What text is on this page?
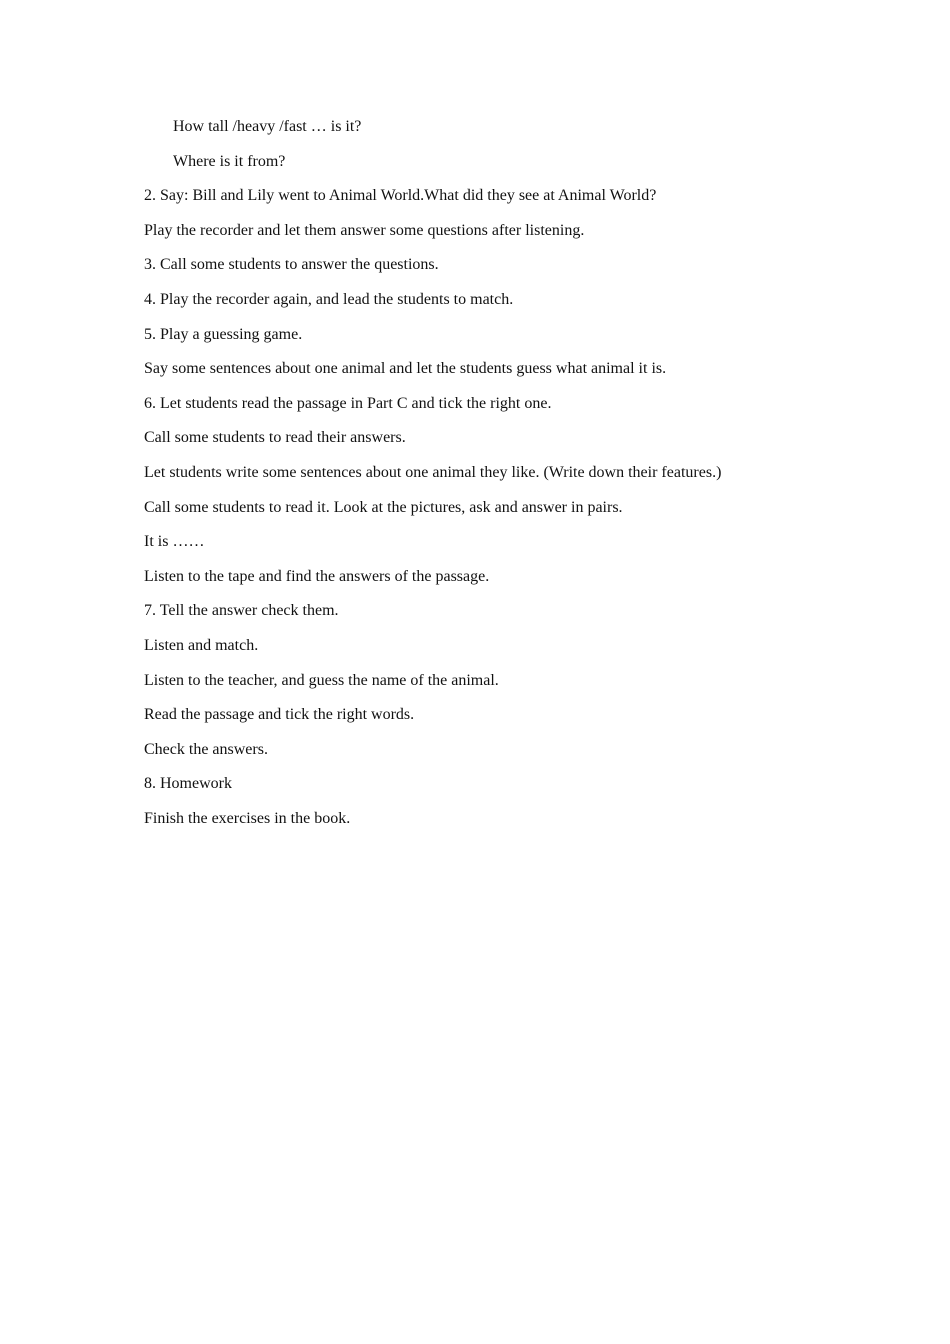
How tall /heavy /fast … is it?
Where is it from?
2. Say: Bill and Lily went to Animal World.What did they see at Animal World?
Play the recorder and let them answer some questions after listening.
3. Call some students to answer the questions.
4. Play the recorder again, and lead the students to match.
5. Play a guessing game.
Say some sentences about one animal and let the students guess what animal it is.
6. Let students read the passage in Part C and tick the right one.
Call some students to read their answers.
Let students write some sentences about one animal they like. (Write down their features.)
Call some students to read it. Look at the pictures, ask and answer in pairs.
It is ……
Listen to the tape and find the answers of the passage.
7. Tell the answer check them.
Listen and match.
Listen to the teacher, and guess the name of the animal.
Read the passage and tick the right words.
Check the answers.
8. Homework
Finish the exercises in the book.
